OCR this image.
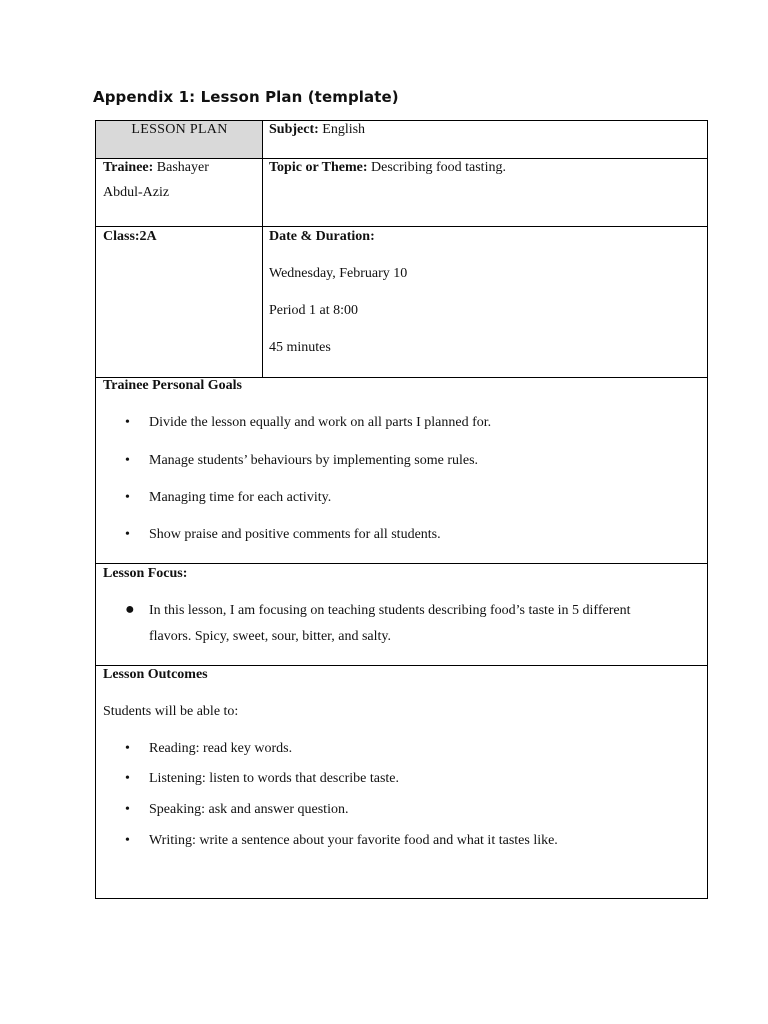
Appendix 1: Lesson Plan (template)
LESSON PLAN	Subject: English
Trainee: Bashayer
Abdul-Aziz
Topic or Theme: Describing food tasting.
Class:2A	Date & Duration:
Wednesday, February 10
Period 1 at 8:00
45 minutes
Trainee Personal Goals
• Divide the lesson equally and work on all parts I planned for.
• Manage students’ behaviours by implementing some rules.
• Managing time for each activity.
• Show praise and positive comments for all students.
Lesson Focus:
● In this lesson, I am focusing on teaching students describing food’s taste in 5 different
flavors. Spicy, sweet, sour, bitter, and salty.
Lesson Outcomes
Students will be able to:
• Reading: read key words.
• Listening: listen to words that describe taste.
• Speaking: ask and answer question.
• Writing: write a sentence about your favorite food and what it tastes like.
